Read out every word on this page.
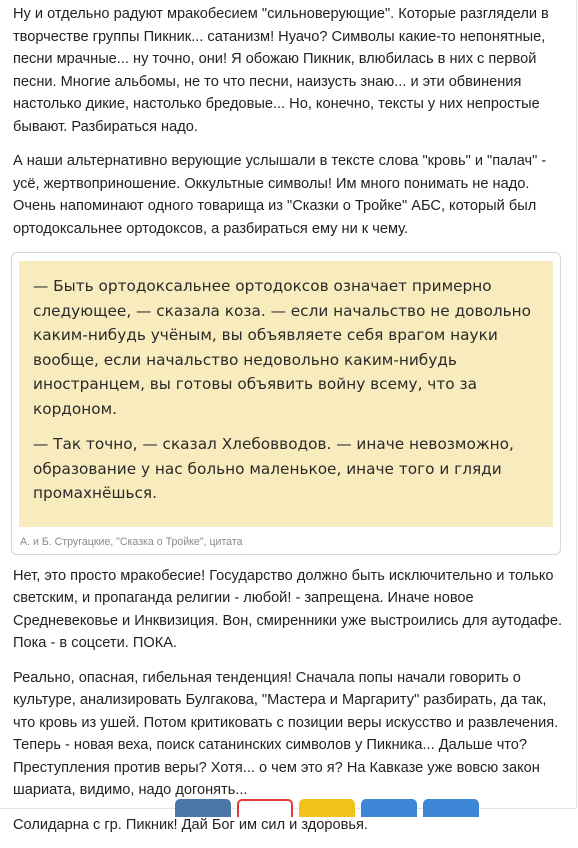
Ну и отдельно радуют мракобесием "сильноверующие". Которые разглядели в творчестве группы Пикник... сатанизм! Нуачо? Символы какие-то непонятные, песни мрачные... ну точно, они! Я обожаю Пикник, влюбилась в них с первой песни. Многие альбомы, не то что песни, наизусть знаю... и эти обвинения настолько дикие, настолько бредовые... Но, конечно, тексты у них непростые бывают. Разбираться надо.

А наши альтернативно верующие услышали в тексте слова "кровь" и "палач" - усё, жертвоприношение. Оккультные символы! Им много понимать не надо. Очень напоминают одного товарища из "Сказки о Тройке" АБС, который был ортодоксальнее ортодоксов, а разбираться ему ни к чему.

— Быть ортодоксальнее ортодоксов означает примерно следующее, — сказала коза. — если начальство не довольно каким-нибудь учёным, вы объявляете себя врагом науки вообще, если начальство недовольно каким-нибудь иностранцем, вы готовы объявить войну всему, что за кордоном.

— Так точно, — сказал Хлебовводов. — иначе невозможно, образование у нас больно маленькое, иначе того и гляди промахнёшься.

А. и Б. Стругацкие, "Сказка о Тройке", цитата

Нет, это просто мракобесие! Государство должно быть исключительно и только светским, и пропаганда религии - любой! - запрещена. Иначе новое Средневековье и Инквизиция. Вон, смиренники уже выстроились для аутодафе. Пока - в соцсети. ПОКА.

Реально, опасная, гибельная тенденция! Сначала попы начали говорить о культуре, анализировать Булгакова, "Мастера и Маргариту" разбирать, да так, что кровь из ушей. Потом критиковать с позиции веры искусство и развлечения. Теперь - новая веха, поиск сатанинских символов у Пикника... Дальше что? Преступления против веры? Хотя... о чем это я? На Кавказе уже вовсю закон шариата, видимо, надо догонять...

Солидарна с гр. Пикник! Дай Бог им сил и здоровья.
